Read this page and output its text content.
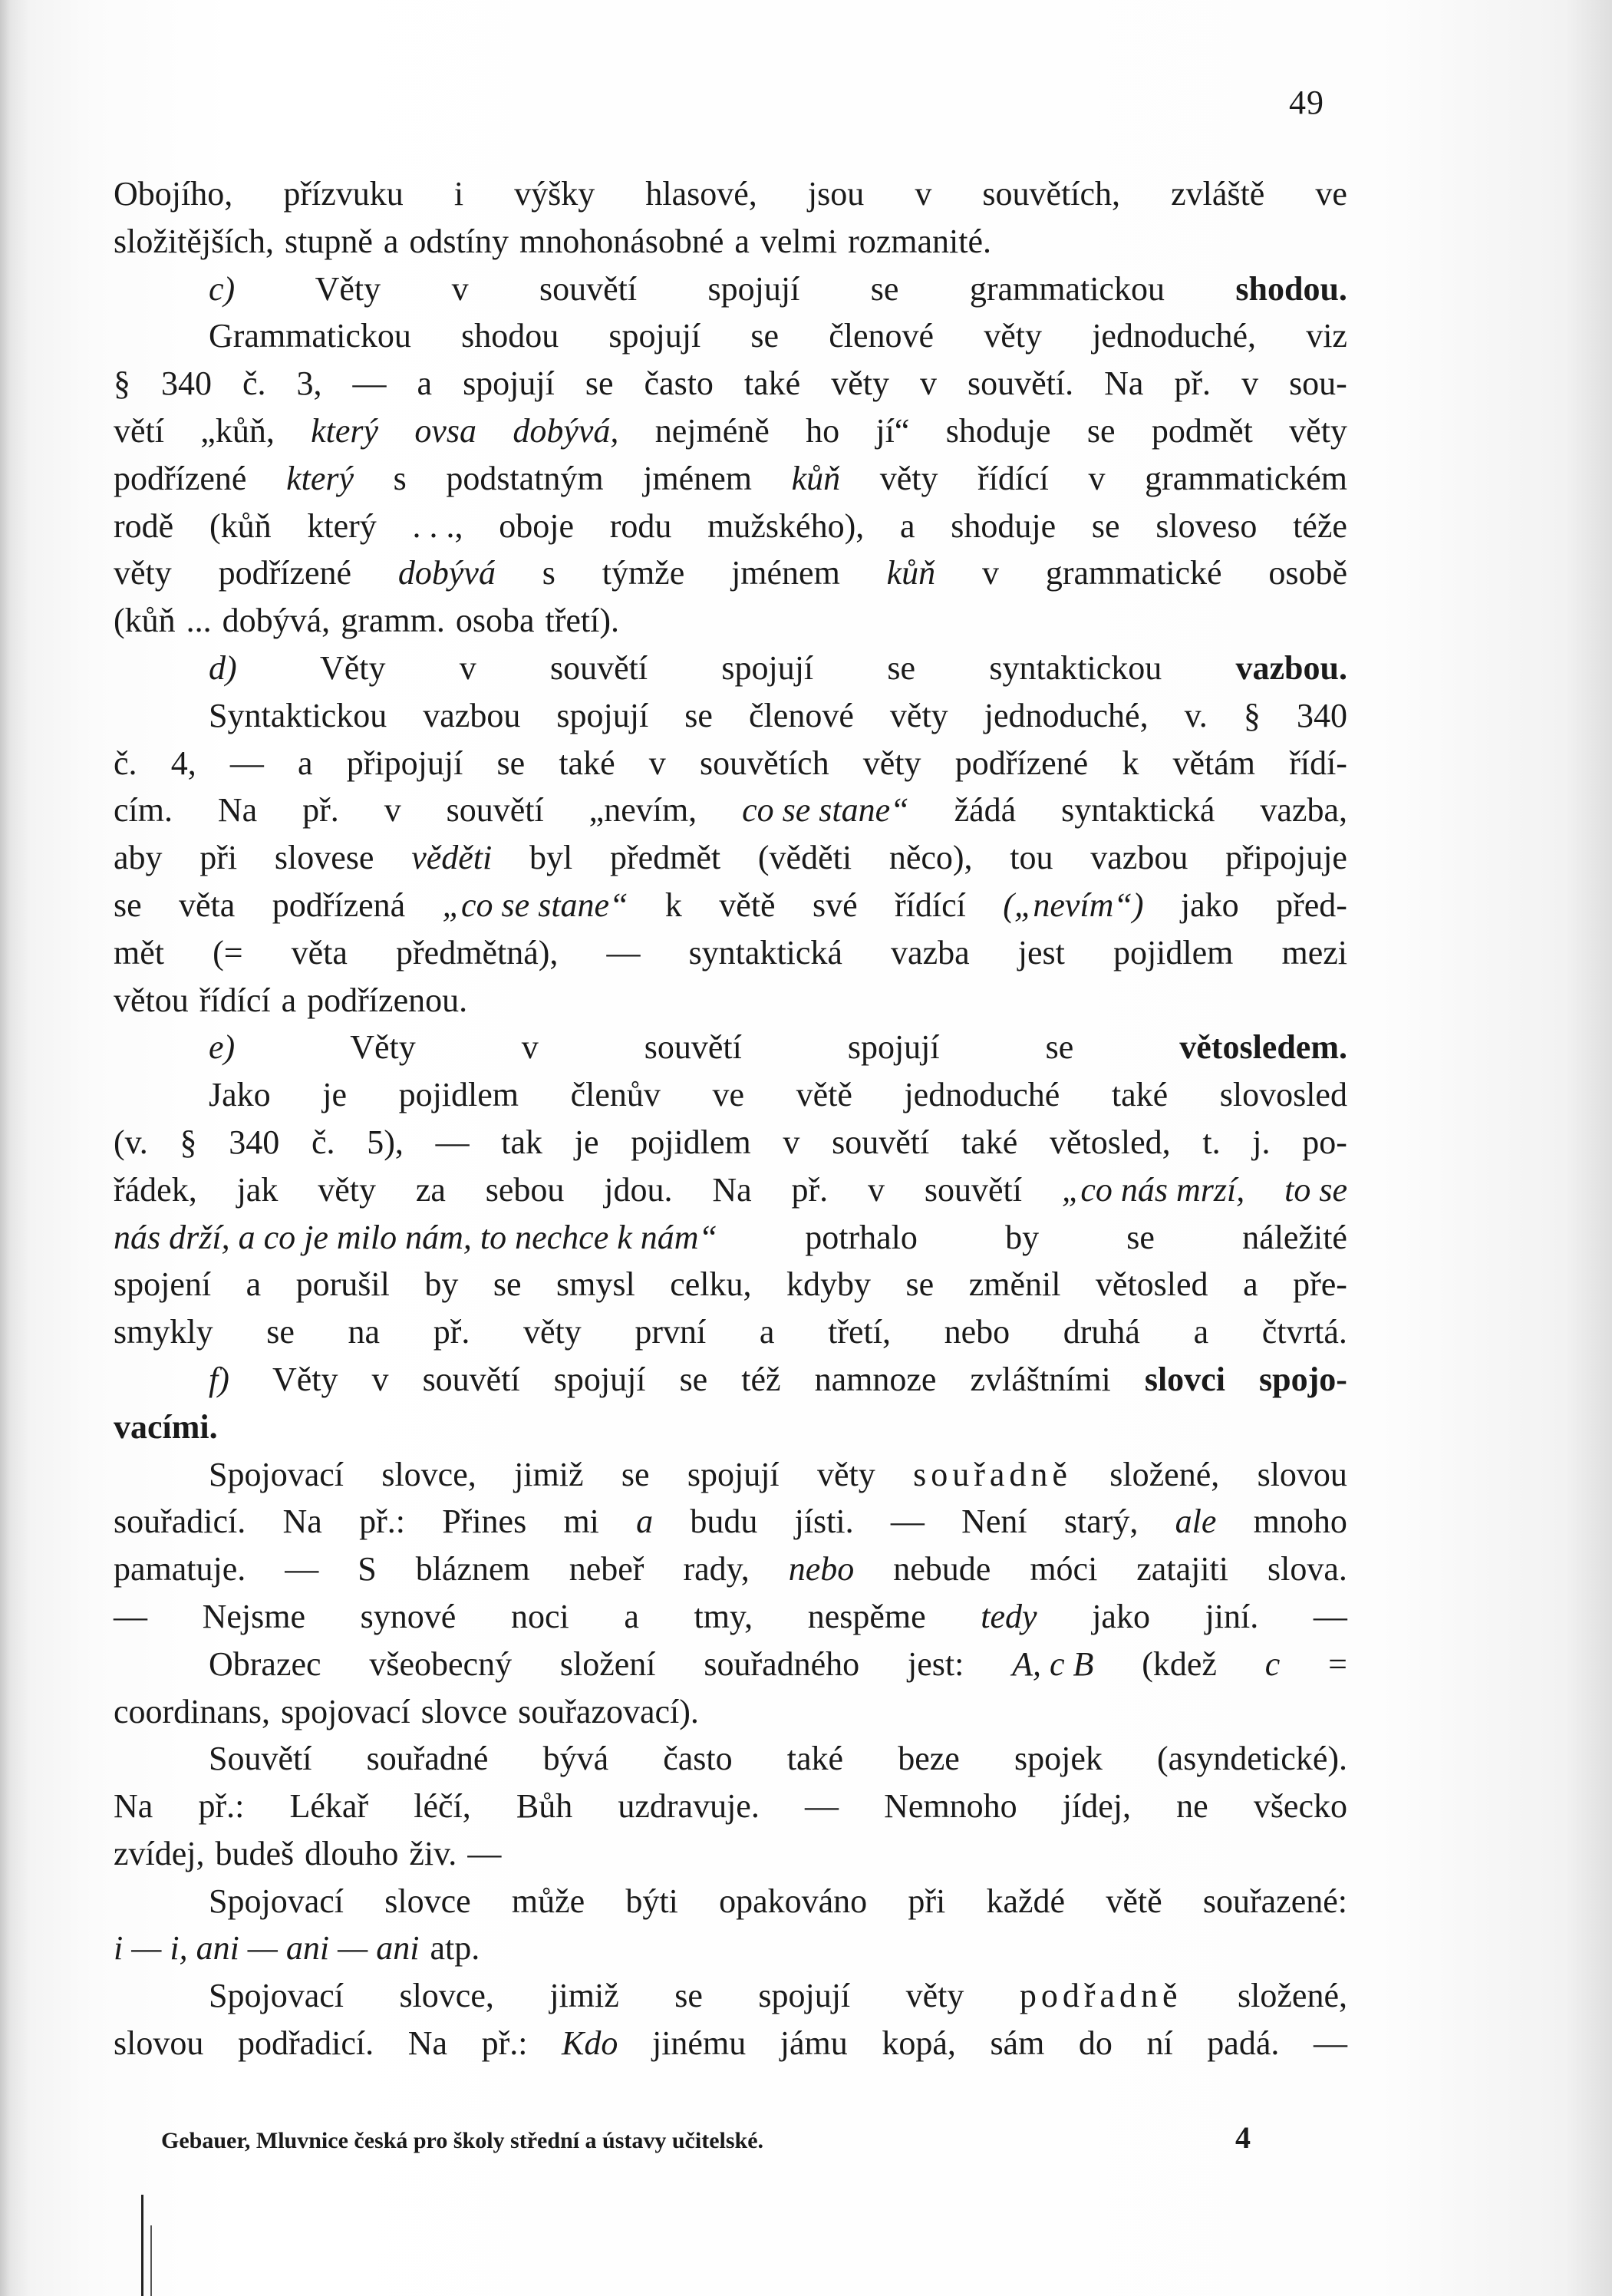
49
Obojího, přízvuku i výšky hlasové, jsou v souvětích, zvláště ve
složitějších, stupně a odstíny mnohonásobné a velmi rozmanité.
c) Věty v souvětí spojují se grammatickou shodou.
Grammatickou shodou spojují se členové věty jednoduché, viz
§ 340 č. 3, — a spojují se často také věty v souvětí. Na př. v sou-
větí „kůň, který ovsa dobývá, nejméně ho jí“ shoduje se podmět věty
podřízené který s podstatným jménem kůň věty řídící v grammatickém
rodě (kůň který . . ., oboje rodu mužského), a shoduje se sloveso téže
věty podřízené dobývá s týmže jménem kůň v grammatické osobě
(kůň ... dobývá, gramm. osoba třetí).
d) Věty v souvětí spojují se syntaktickou vazbou.
Syntaktickou vazbou spojují se členové věty jednoduché, v. § 340
č. 4, — a připojují se také v souvětích věty podřízené k větám řídí-
cím. Na př. v souvětí „nevím, co se stane“ žádá syntaktická vazba,
aby při slovese věděti byl předmět (věděti něco), tou vazbou připojuje
se věta podřízená „co se stane“ k větě své řídící („nevím“) jako před-
mět (= věta předmětná), — syntaktická vazba jest pojidlem mezi
větou řídící a podřízenou.
e)	Věty	v	souvětí	spojují	se	větosledem.
Jako je pojidlem členův ve větě jednoduché také slovosled
(v. § 340 č. 5), — tak je pojidlem v souvětí také větosled, t. j. po-
řádek, jak věty za sebou jdou. Na př. v souvětí „co nás mrzí, to se
nás drží, a co je milo nám, to nechce k nám“	potrhalo	by	se	náležité
spojení a porušil by se smysl celku, kdyby se změnil větosled a pře-
smykly se na př. věty první a třetí, nebo druhá a čtvrtá.
f) Věty v souvětí spojují se též namnoze zvláštními slovci spojo-
vacími.
Spojovací slovce, jimiž se spojují věty souřadně složené, slovou
souřadicí. Na př.: Přines mi a budu jísti. — Není starý, ale mnoho
pamatuje. — S bláznem nebeř rady, nebo nebude móci zatajiti slova.
— Nejsme synové noci a tmy, nespěme tedy jako jiní. —
Obrazec všeobecný složení souřadného jest: A, c B (kdež c =
coordinans, spojovací slovce souřazovací).
Souvětí souřadné bývá často také beze spojek (asyndetické).
Na př.: Lékař léčí, Bůh uzdravuje. — Nemnoho jídej, ne všecko
zvídej, budeš dlouho živ. —
Spojovací slovce může býti opakováno při každé větě souřazené:
i — i, ani — ani — ani atp.
Spojovací slovce, jimiž se spojují věty podřadně složené,
slovou podřadicí. Na př.: Kdo jinému jámu kopá, sám do ní padá. —
Gebauer, Mluvnice česká pro školy střední a ústavy učitelské.	4
